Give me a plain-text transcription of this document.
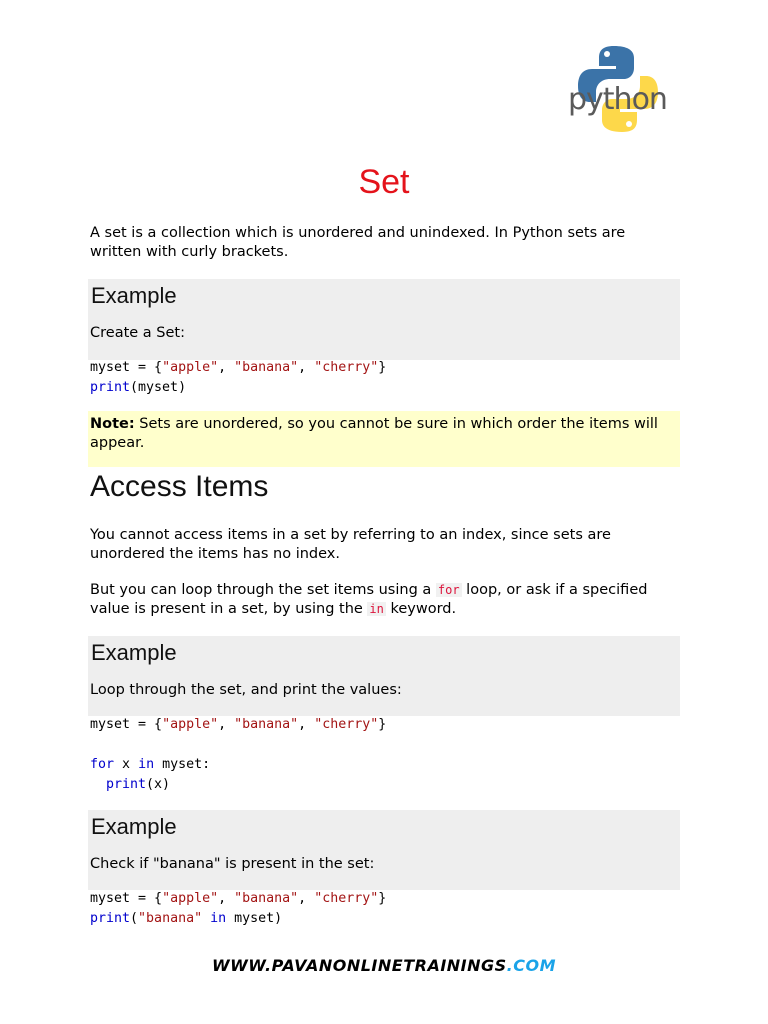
python
Set

A set is a collection which is unordered and unindexed. In Python sets are written with curly brackets.

Example
Create a Set:
myset = {"apple", "banana", "cherry"}
print(myset)

Note: Sets are unordered, so you cannot be sure in which order the items will appear.

Access Items

You cannot access items in a set by referring to an index, since sets are unordered the items has no index.

But you can loop through the set items using a for loop, or ask if a specified value is present in a set, by using the in keyword.

Example
Loop through the set, and print the values:
myset = {"apple", "banana", "cherry"}

for x in myset:
print(x)
Example
Check if "banana" is present in the set:
myset = {"apple", "banana", "cherry"}
print("banana" in myset)
WWW.PAVANONLINETRAININGS.COM
